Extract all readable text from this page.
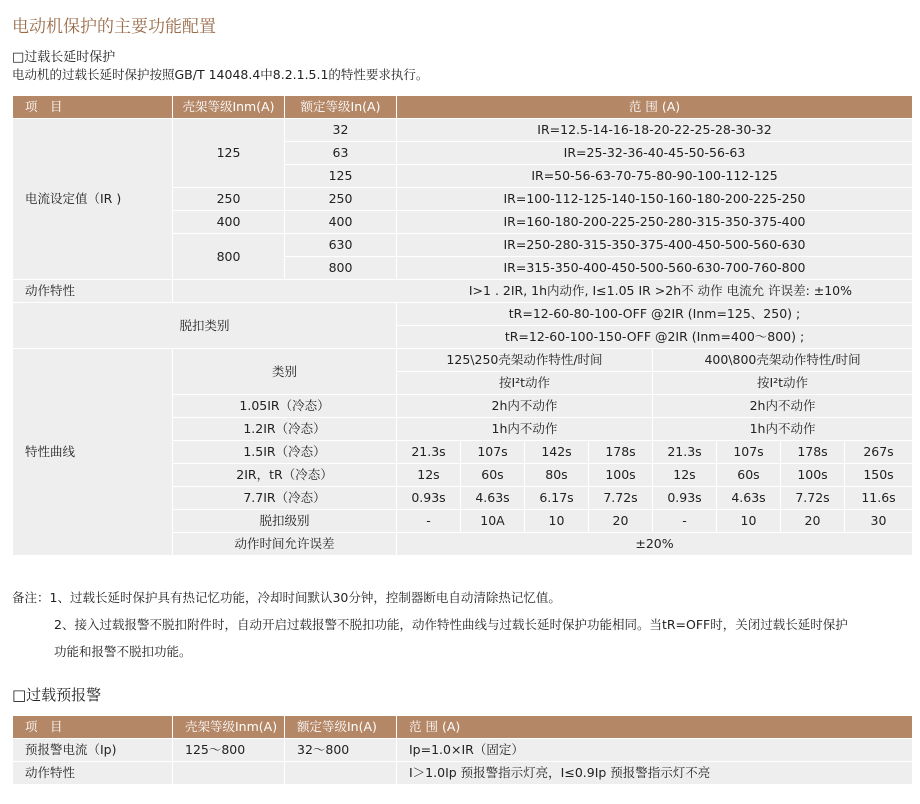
电动机保护的主要功能配置
□过载长延时保护
电动机的过载长延时保护按照GB/T 14048.4中8.2.1.5.1的特性要求执行。
项　目	壳架等级Inm(A)	额定等级In(A)	范 围 (A)							
电流设定值（IR )	125	32	IR=12.5-14-16-18-20-22-25-28-30-32							
		63	IR=25-32-36-40-45-50-56-63							
		125	IR=50-56-63-70-75-80-90-100-112-125							
	250	250	IR=100-112-125-140-150-160-180-200-225-250							
	400	400	IR=160-180-200-225-250-280-315-350-375-400							
	800	630	IR=250-280-315-350-375-400-450-500-560-630							
		800	IR=315-350-400-450-500-560-630-700-760-800							
动作特性	I>1 . 2IR, 1h内动作, I≤1.05 IR >2h不 动作 电流允 许误差: ±10%									
脱扣类别			tR=12-60-80-100-OFF @2IR (Inm=125、250) ;							
			tR=12-60-100-150-OFF @2IR (Inm=400～800) ;							
特性曲线	类别		125\250壳架动作特性/时间				400\800壳架动作特性/时间			
			按I²t动作				按I²t动作			
	1.05IR（冷态）		2h内不动作				2h内不动作			
	1.2IR（冷态）		1h内不动作				1h内不动作			
	1.5IR（冷态）		21.3s	107s	142s	178s	21.3s	107s	178s	267s
	2IR，tR（冷态）		12s	60s	80s	100s	12s	60s	100s	150s
	7.7IR（冷态）		0.93s	4.63s	6.17s	7.72s	0.93s	4.63s	7.72s	11.6s
	脱扣级别		-	10A	10	20	-	10	20	30
	动作时间允许误差		±20%							
备注：1、过载长延时保护具有热记忆功能，冷却时间默认30分钟，控制器断电自动清除热记忆值。
2、接入过载报警不脱扣附件时，自动开启过载报警不脱扣功能，动作特性曲线与过载长延时保护功能相同。当tR=OFF时，关闭过载长延时保护
功能和报警不脱扣功能。
□过载预报警
项　目	壳架等级Inm(A)	额定等级In(A)	范 围 (A)
预报警电流（Ip)	125～800	32～800	Ip=1.0×IR（固定）
动作特性			I＞1.0Ip 预报警指示灯亮，I≤0.9Ip 预报警指示灯不亮
